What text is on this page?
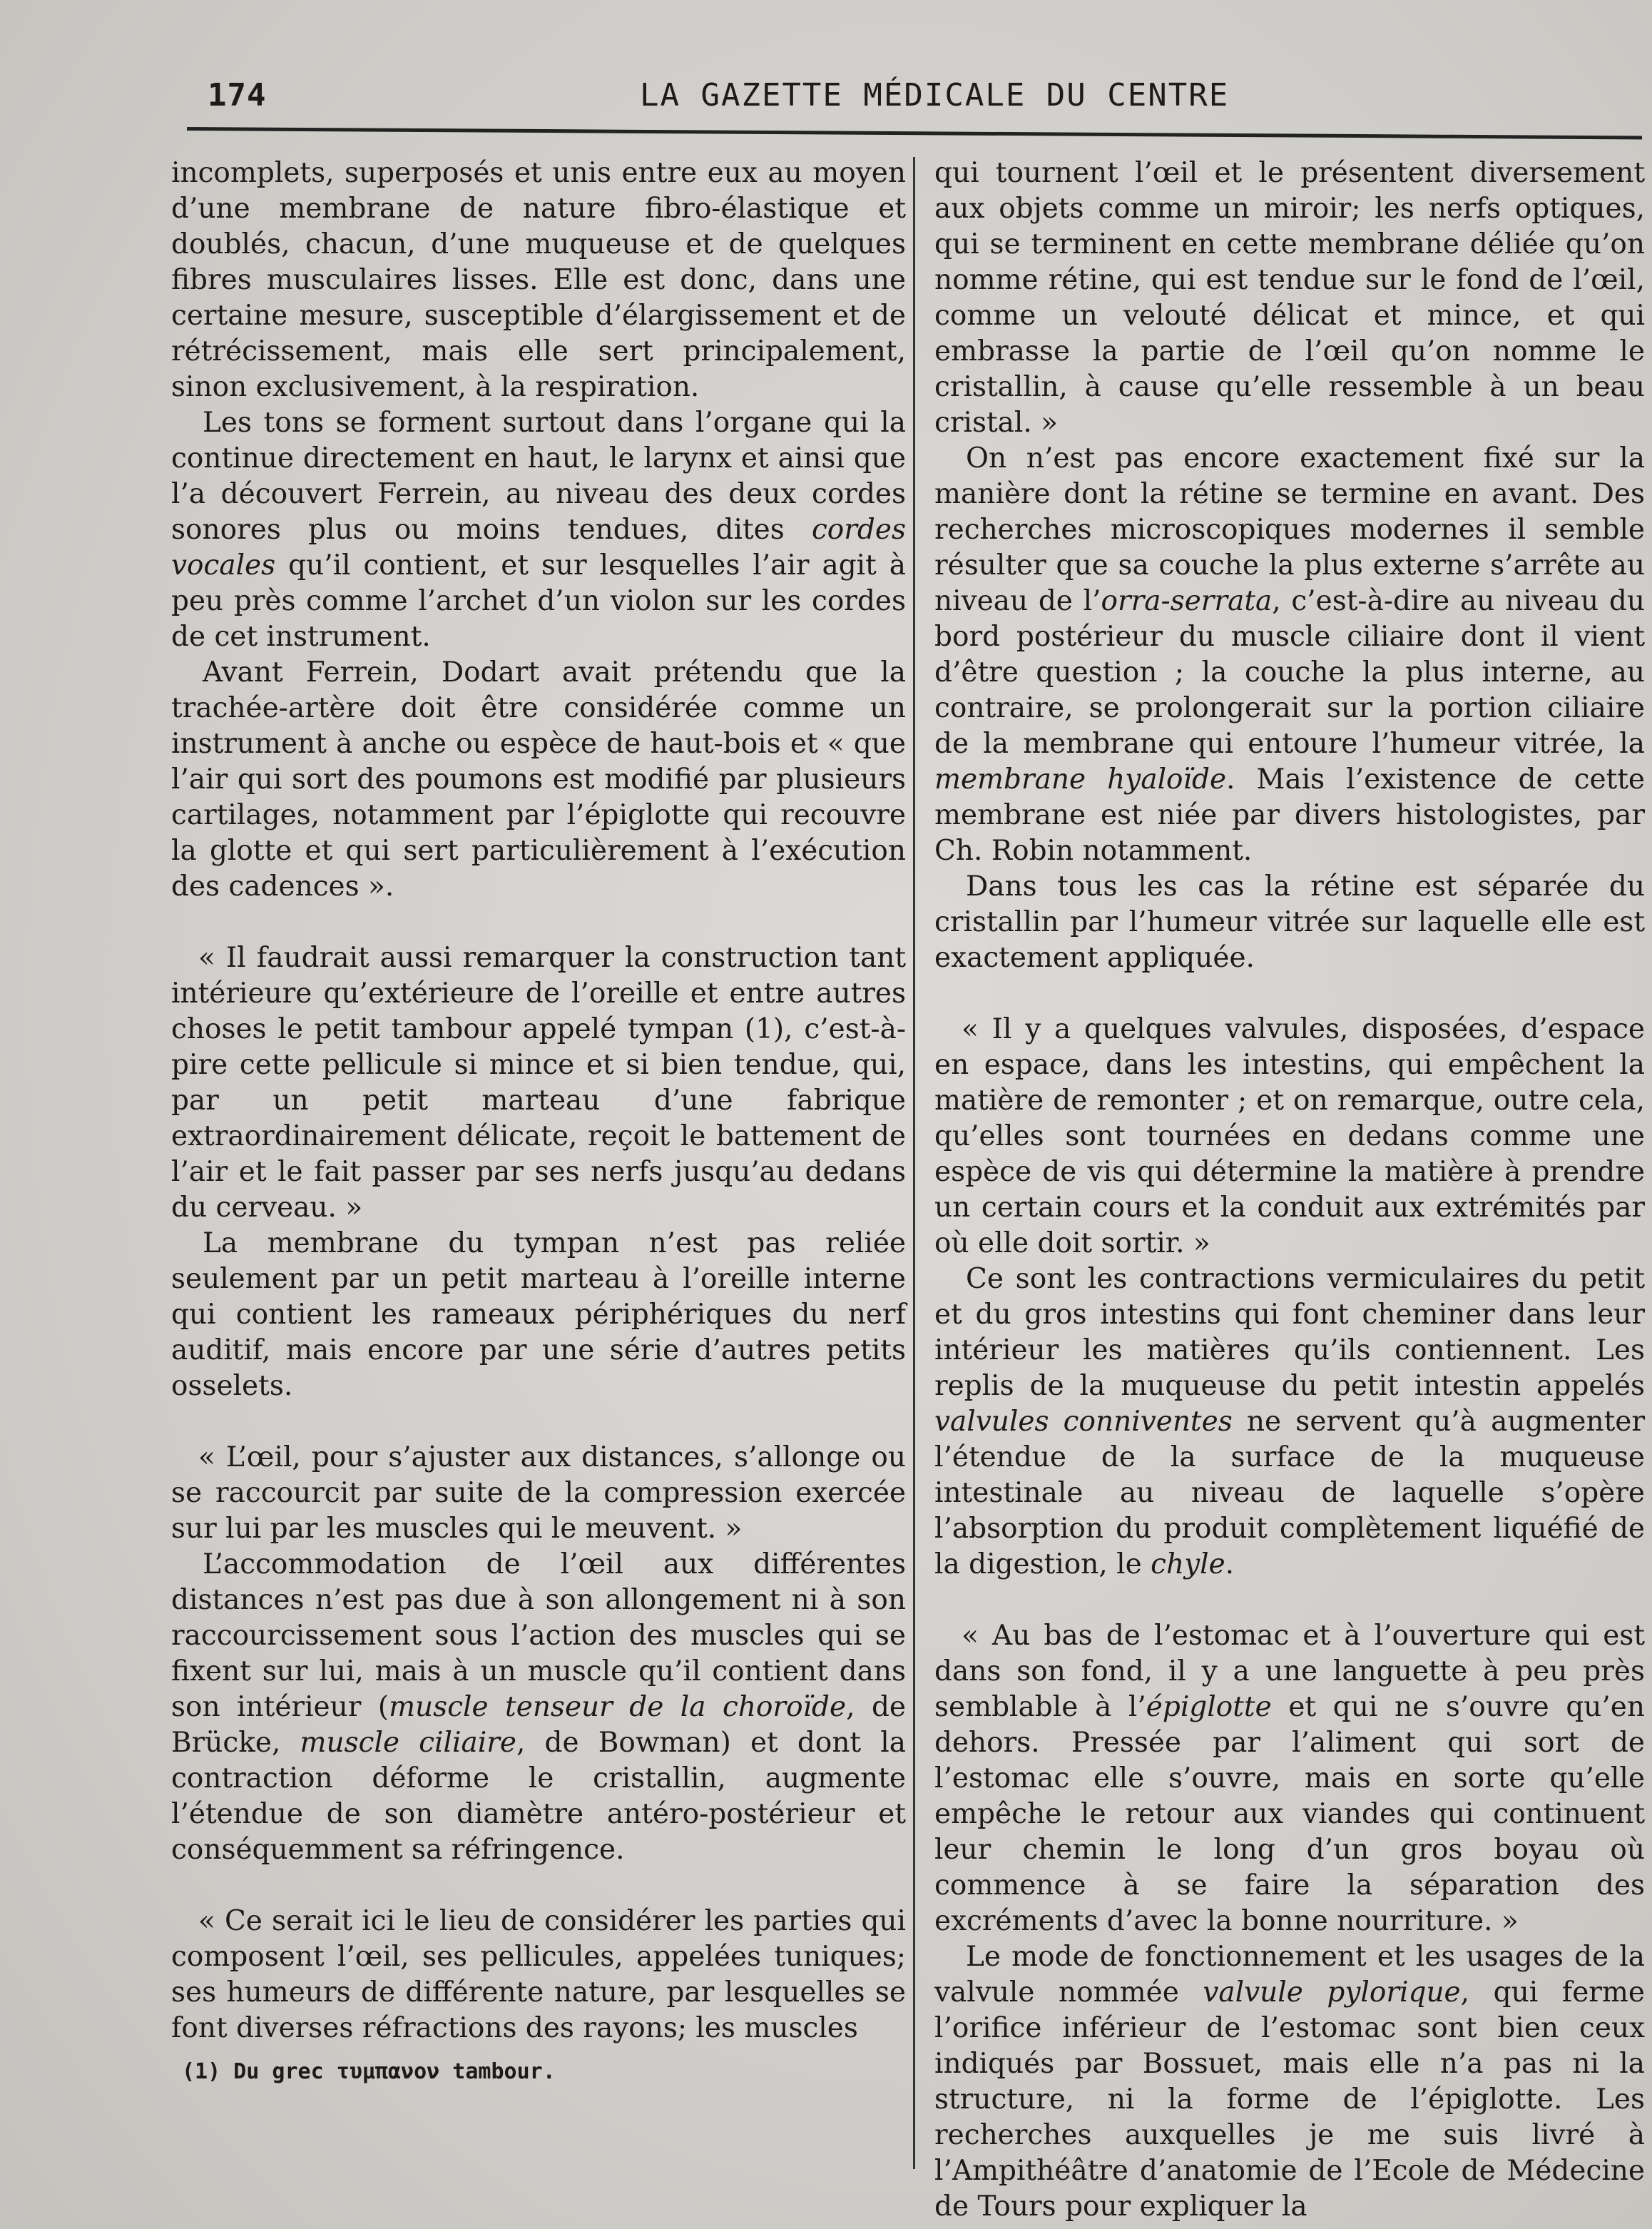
174	LA GAZETTE MÉDICALE DU CENTRE

incomplets, superposés et unis entre eux au moyen d’une membrane de nature fibro-élastique et doublés, chacun, d’une muqueuse et de quelques fibres musculaires lisses. Elle est donc, dans une certaine mesure, susceptible d’élargissement et de rétrécissement, mais elle sert principalement, sinon exclusivement, à la respiration.

Les tons se forment surtout dans l’organe qui la continue directement en haut, le larynx et ainsi que l’a découvert Ferrein, au niveau des deux cordes sonores plus ou moins tendues, dites cordes vocales qu’il contient, et sur lesquelles l’air agit à peu près comme l’archet d’un violon sur les cordes de cet instrument.

Avant Ferrein, Dodart avait prétendu que la trachée-artère doit être considérée comme un instrument à anche ou espèce de haut-bois et « que l’air qui sort des poumons est modifié par plusieurs cartilages, notamment par l’épiglotte qui recouvre la glotte et qui sert particulièrement à l’exécution des cadences ».

« Il faudrait aussi remarquer la construction tant intérieure qu’extérieure de l’oreille et entre autres choses le petit tambour appelé tympan (1), c’est-à-pire cette pellicule si mince et si bien tendue, qui, par un petit marteau d’une fabrique extraordinairement délicate, reçoit le battement de l’air et le fait passer par ses nerfs jusqu’au dedans du cerveau. »

La membrane du tympan n’est pas reliée seulement par un petit marteau à l’oreille interne qui contient les rameaux périphériques du nerf auditif, mais encore par une série d’autres petits osselets.

« L’œil, pour s’ajuster aux distances, s’allonge ou se raccourcit par suite de la compression exercée sur lui par les muscles qui le meuvent. »

L’accommodation de l’œil aux différentes distances n’est pas due à son allongement ni à son raccourcissement sous l’action des muscles qui se fixent sur lui, mais à un muscle qu’il contient dans son intérieur (muscle tenseur de la choroïde, de Brücke, muscle ciliaire, de Bowman) et dont la contraction déforme le cristallin, augmente l’étendue de son diamètre antéro-postérieur et conséquemment sa réfringence.

« Ce serait ici le lieu de considérer les parties qui composent l’œil, ses pellicules, appelées tuniques; ses humeurs de différente nature, par lesquelles se font diverses réfractions des rayons; les muscles

qui tournent l’œil et le présentent diversement aux objets comme un miroir; les nerfs optiques, qui se terminent en cette membrane déliée qu’on nomme rétine, qui est tendue sur le fond de l’œil, comme un velouté délicat et mince, et qui embrasse la partie de l’œil qu’on nomme le cristallin, à cause qu’elle ressemble à un beau cristal. »

On n’est pas encore exactement fixé sur la manière dont la rétine se termine en avant. Des recherches microscopiques modernes il semble résulter que sa couche la plus externe s’arrête au niveau de l’orra-serrata, c’est-à-dire au niveau du bord postérieur du muscle ciliaire dont il vient d’être question ; la couche la plus interne, au contraire, se prolongerait sur la portion ciliaire de la membrane qui entoure l’humeur vitrée, la membrane hyaloïde. Mais l’existence de cette membrane est niée par divers histologistes, par Ch. Robin notamment.

Dans tous les cas la rétine est séparée du cristallin par l’humeur vitrée sur laquelle elle est exactement appliquée.

« Il y a quelques valvules, disposées, d’espace en espace, dans les intestins, qui empêchent la matière de remonter ; et on remarque, outre cela, qu’elles sont tournées en dedans comme une espèce de vis qui détermine la matière à prendre un certain cours et la conduit aux extrémités par où elle doit sortir. »

Ce sont les contractions vermiculaires du petit et du gros intestins qui font cheminer dans leur intérieur les matières qu’ils contiennent. Les replis de la muqueuse du petit intestin appelés valvules conniventes ne servent qu’à augmenter l’étendue de la surface de la muqueuse intestinale au niveau de laquelle s’opère l’absorption du produit complètement liquéfié de la digestion, le chyle.

« Au bas de l’estomac et à l’ouverture qui est dans son fond, il y a une languette à peu près semblable à l’épiglotte et qui ne s’ouvre qu’en dehors. Pressée par l’aliment qui sort de l’estomac elle s’ouvre, mais en sorte qu’elle empêche le retour aux viandes qui continuent leur chemin le long d’un gros boyau où commence à se faire la séparation des excréments d’avec la bonne nourriture. »

Le mode de fonctionnement et les usages de la valvule nommée valvule pylorique, qui ferme l’orifice inférieur de l’estomac sont bien ceux indiqués par Bossuet, mais elle n’a pas ni la structure, ni la forme de l’épiglotte. Les recherches auxquelles je me suis livré à l’Ampithéâtre d’anatomie de l’Ecole de Médecine de Tours pour expliquer la

(1) Du grec τυμπανον tambour.
